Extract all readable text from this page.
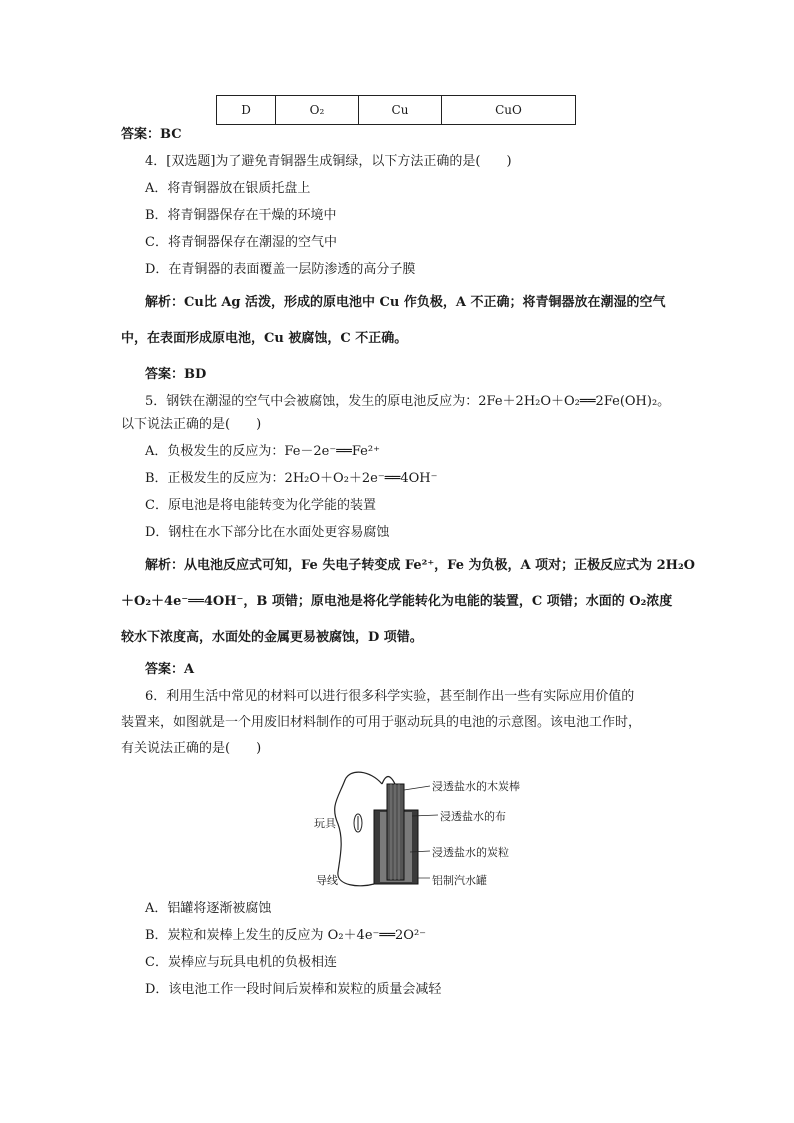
D	O₂	Cu	CuO
答案：BC
4．[双选题]为了避免青铜器生成铜绿，以下方法正确的是(　　)
A．将青铜器放在银质托盘上
B．将青铜器保存在干燥的环境中
C．将青铜器保存在潮湿的空气中
D．在青铜器的表面覆盖一层防渗透的高分子膜
解析：Cu比 Ag 活泼，形成的原电池中 Cu 作负极，A 不正确；将青铜器放在潮湿的空气
中，在表面形成原电池，Cu 被腐蚀，C 不正确。
答案：BD
5．钢铁在潮湿的空气中会被腐蚀，发生的原电池反应为：2Fe＋2H₂O＋O₂══2Fe(OH)₂。
以下说法正确的是(　　)
A．负极发生的反应为：Fe－2e⁻══Fe²⁺
B．正极发生的反应为：2H₂O＋O₂＋2e⁻══4OH⁻
C．原电池是将电能转变为化学能的装置
D．钢柱在水下部分比在水面处更容易腐蚀
解析：从电池反应式可知，Fe 失电子转变成 Fe²⁺，Fe 为负极，A 项对；正极反应式为 2H₂O
＋O₂＋4e⁻══4OH⁻，B 项错；原电池是将化学能转化为电能的装置，C 项错；水面的 O₂浓度
较水下浓度高，水面处的金属更易被腐蚀，D 项错。
答案：A
6．利用生活中常见的材料可以进行很多科学实验，甚至制作出一些有实际应用价值的
装置来，如图就是一个用废旧材料制作的可用于驱动玩具的电池的示意图。该电池工作时，
有关说法正确的是(　　)
浸透盐水的木炭棒
浸透盐水的布
玩具
浸透盐水的炭粒
导线	铝制汽水罐
A．铝罐将逐渐被腐蚀
B．炭粒和炭棒上发生的反应为 O₂＋4e⁻══2O²⁻
C．炭棒应与玩具电机的负极相连
D．该电池工作一段时间后炭棒和炭粒的质量会减轻
